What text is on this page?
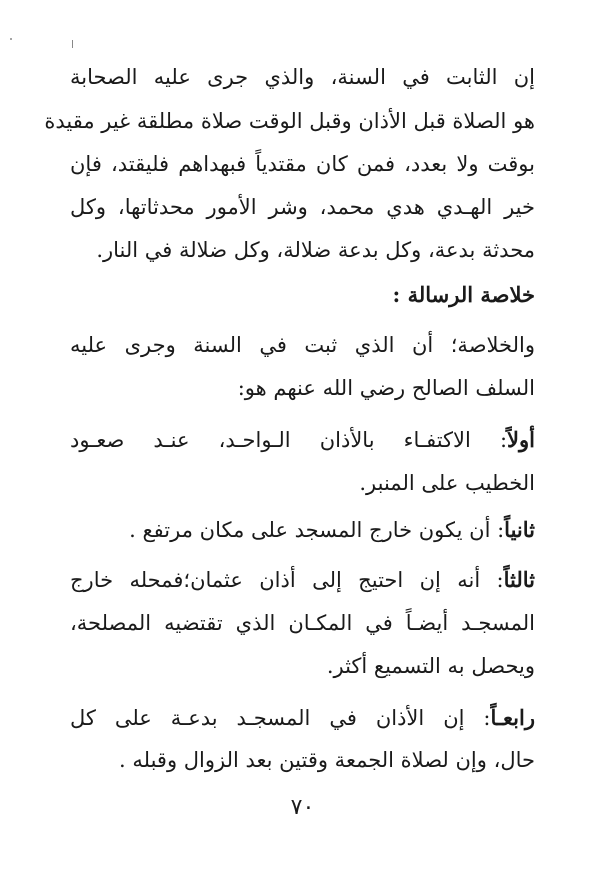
إن الثابت في السنة، والذي جرى عليه الصحابة
هو الصلاة قبل الأذان وقبل الوقت صلاة مطلقة غير مقيدة
بوقت ولا بعدد، فمن كان مقتدياً فبهداهم فليقتد، فإن
خير الهـدي هدي محمد، وشر الأمور محدثاتها، وكل
محدثة بدعة، وكل بدعة ضلالة، وكل ضلالة في النار.
خلاصة الرسالة :
والخلاصة؛ أن الذي ثبت في السنة وجرى عليه
السلف الصالح رضي الله عنهم هو:
أولاً: الاكتفـاء بالأذان الـواحـد، عنـد صعـود
الخطيب على المنبر.
ثانياً: أن يكون خارج المسجد على مكان مرتفع .
ثالثاً: أنه إن احتيج إلى أذان عثمان؛فمحله خارج
المسجـد أيضـاً في المكـان الذي تقتضيه المصلحة،
ويحصل به التسميع أكثر.
رابعـاً: إن الأذان في المسجـد بدعـة على كل
حال، وإن لصلاة الجمعة وقتين بعد الزوال وقبله .
٧٠
